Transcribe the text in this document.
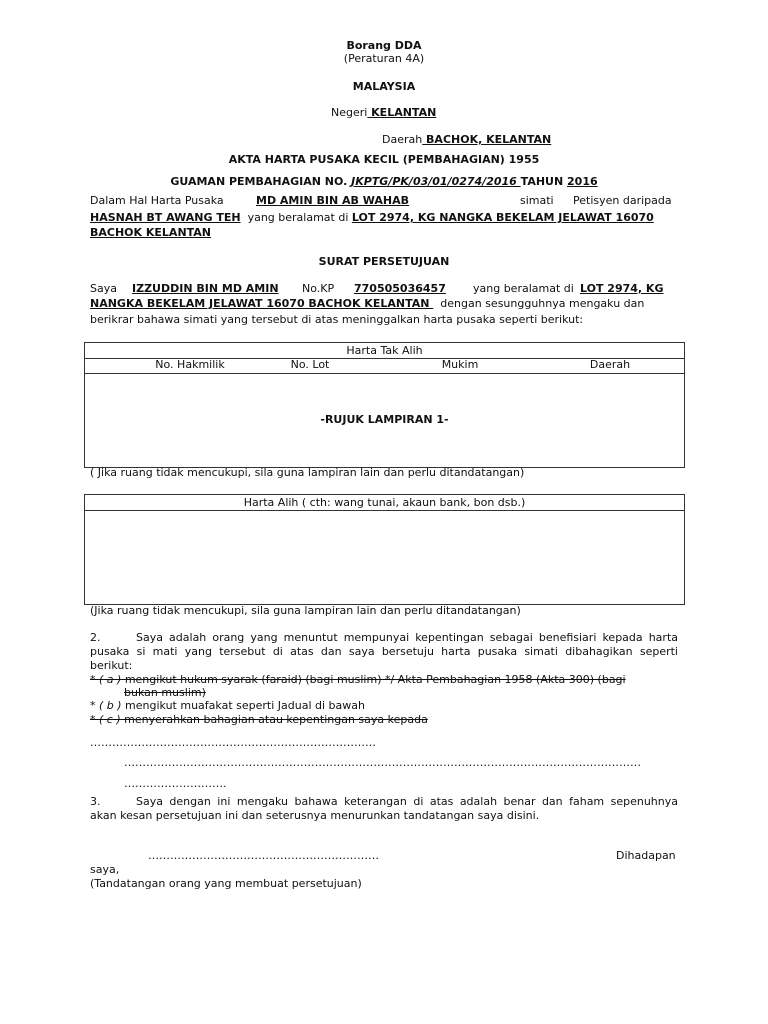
Borang DDA
(Peraturan 4A)
MALAYSIA
Negeri KELANTAN
Daerah BACHOK, KELANTAN
AKTA HARTA PUSAKA KECIL (PEMBAHAGIAN) 1955
GUAMAN PEMBAHAGIAN NO. JKPTG/PK/03/01/0274/2016 TAHUN 2016
Dalam Hal Harta Pusaka	MD AMIN BIN AB WAHAB	simati Petisyen daripada
HASNAH BT AWANG TEH yang beralamat di LOT 2974, KG NANGKA BEKELAM JELAWAT 16070
BACHOK KELANTAN
SURAT PERSETUJUAN
Saya IZZUDDIN BIN MD AMIN No.KP 770505036457 yang beralamat di LOT 2974, KG
NANGKA BEKELAM JELAWAT 16070 BACHOK KELANTAN   dengan sesungguhnya mengaku dan
berikrar bahawa simati yang tersebut di atas meninggalkan harta pusaka seperti berikut:
Harta Tak Alih
No. Hakmilik	No. Lot	Mukim	Daerah
-RUJUK LAMPIRAN 1-
( Jika ruang tidak mencukupi, sila guna lampiran lain dan perlu ditandatangan)
Harta Alih ( cth: wang tunai, akaun bank, bon dsb.)
(Jika ruang tidak mencukupi, sila guna lampiran lain dan perlu ditandatangan)
2.	Saya adalah orang yang menuntut mempunyai kepentingan sebagai benefisiari kepada harta
pusaka si mati yang tersebut di atas dan saya bersetuju harta pusaka simati dibahagikan seperti
berikut:
* ( a ) mengikut hukum syarak (faraid) (bagi muslim) */ Akta Pembahagian 1958 (Akta 300) (bagi
bukan muslim)
* ( b ) mengikut muafakat seperti Jadual di bawah
* ( c ) menyerahkan bahagian atau kepentingan saya kepada
……………………………………………………………………
……………………………………………………………………………………………………………………………
……………………….
3.	Saya dengan ini mengaku bahawa keterangan di atas adalah benar dan faham sepenuhnya
akan kesan persetujuan ini dan seterusnya menurunkan tandatangan saya disini.
………………………………………………………	Dihadapan
saya,
(Tandatangan orang yang membuat persetujuan)
